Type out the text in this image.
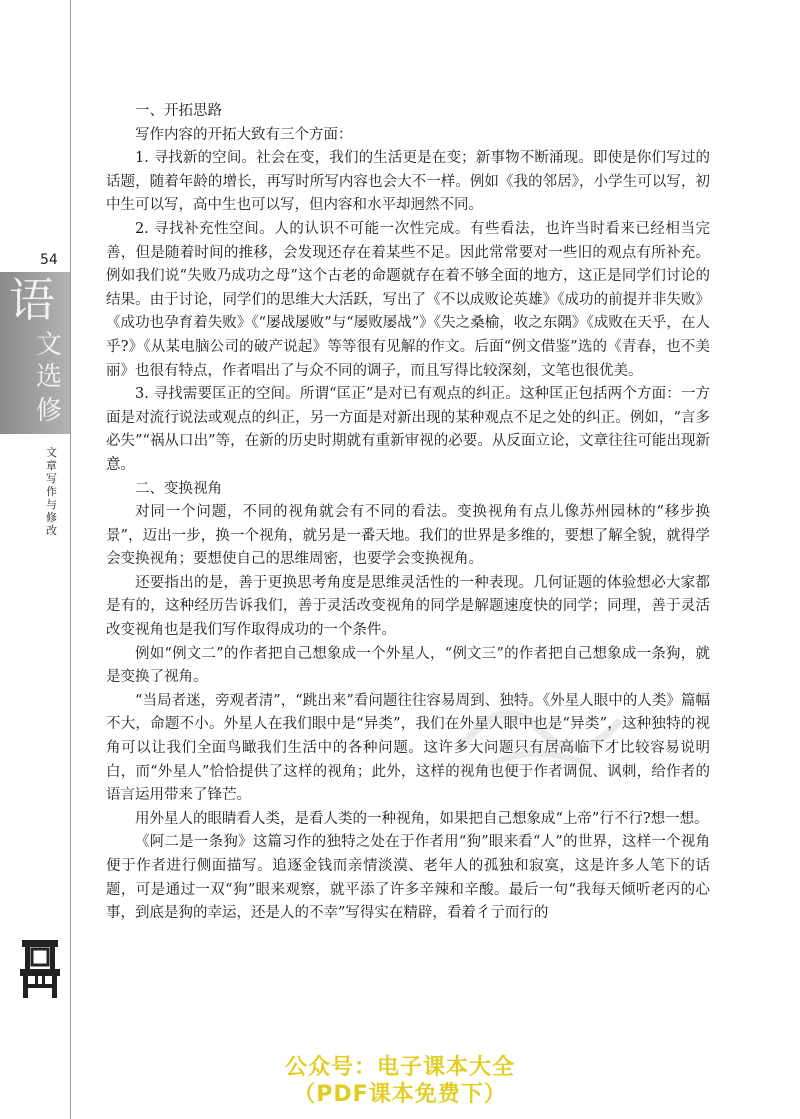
54
语
文
选
修
文章写作与修改

一、开拓思路

写作内容的开拓大致有三个方面：

1. 寻找新的空间。社会在变，我们的生活更是在变；新事物不断涌现。即使是你们写过的话题，随着年龄的增长，再写时所写内容也会大不一样。例如《我的邻居》，小学生可以写，初中生可以写，高中生也可以写，但内容和水平却迥然不同。

2. 寻找补充性空间。人的认识不可能一次性完成。有些看法，也许当时看来已经相当完善，但是随着时间的推移，会发现还存在着某些不足。因此常常要对一些旧的观点有所补充。例如我们说“失败乃成功之母”这个古老的命题就存在着不够全面的地方，这正是同学们讨论的结果。由于讨论，同学们的思维大大活跃，写出了《不以成败论英雄》《成功的前提并非失败》《成功也孕育着失败》《“屡战屡败”与“屡败屡战”》《失之桑榆，收之东隅》《成败在天乎，在人乎?》《从某电脑公司的破产说起》等等很有见解的作文。后面“例文借鉴”选的《青春，也不美丽》也很有特点，作者唱出了与众不同的调子，而且写得比较深刻，文笔也很优美。

3. 寻找需要匡正的空间。所谓“匡正”是对已有观点的纠正。这种匡正包括两个方面：一方面是对流行说法或观点的纠正，另一方面是对新出现的某种观点不足之处的纠正。例如，“言多必失”“祸从口出”等，在新的历史时期就有重新审视的必要。从反面立论，文章往往可能出现新意。

二、变换视角

对同一个问题，不同的视角就会有不同的看法。变换视角有点儿像苏州园林的“移步换景”，迈出一步，换一个视角，就另是一番天地。我们的世界是多维的，要想了解全貌，就得学会变换视角；要想使自己的思维周密，也要学会变换视角。

还要指出的是，善于更换思考角度是思维灵活性的一种表现。几何证题的体验想必大家都是有的，这种经历告诉我们，善于灵活改变视角的同学是解题速度快的同学；同理，善于灵活改变视角也是我们写作取得成功的一个条件。

例如“例文二”的作者把自己想象成一个外星人，“例文三”的作者把自己想象成一条狗，就是变换了视角。

“当局者迷，旁观者清”，“跳出来”看问题往往容易周到、独特。《外星人眼中的人类》篇幅不大，命题不小。外星人在我们眼中是“异类”，我们在外星人眼中也是“异类”，这种独特的视角可以让我们全面鸟瞰我们生活中的各种问题。这许多大问题只有居高临下才比较容易说明白，而“外星人”恰恰提供了这样的视角；此外，这样的视角也便于作者调侃、讽刺，给作者的语言运用带来了锋芒。

用外星人的眼睛看人类，是看人类的一种视角，如果把自己想象成“上帝”行不行?想一想。

《阿二是一条狗》这篇习作的独特之处在于作者用“狗”眼来看“人”的世界，这样一个视角便于作者进行侧面描写。追逐金钱而亲情淡漠、老年人的孤独和寂寞，这是许多人笔下的话题，可是通过一双“狗”眼来观察，就平添了许多辛辣和辛酸。最后一句“我每天倾听老丙的心事，到底是狗的幸运，还是人的不幸”写得实在精辟，看着彳亍而行的

公众号：电子课本大全
（PDF课本免费下）
